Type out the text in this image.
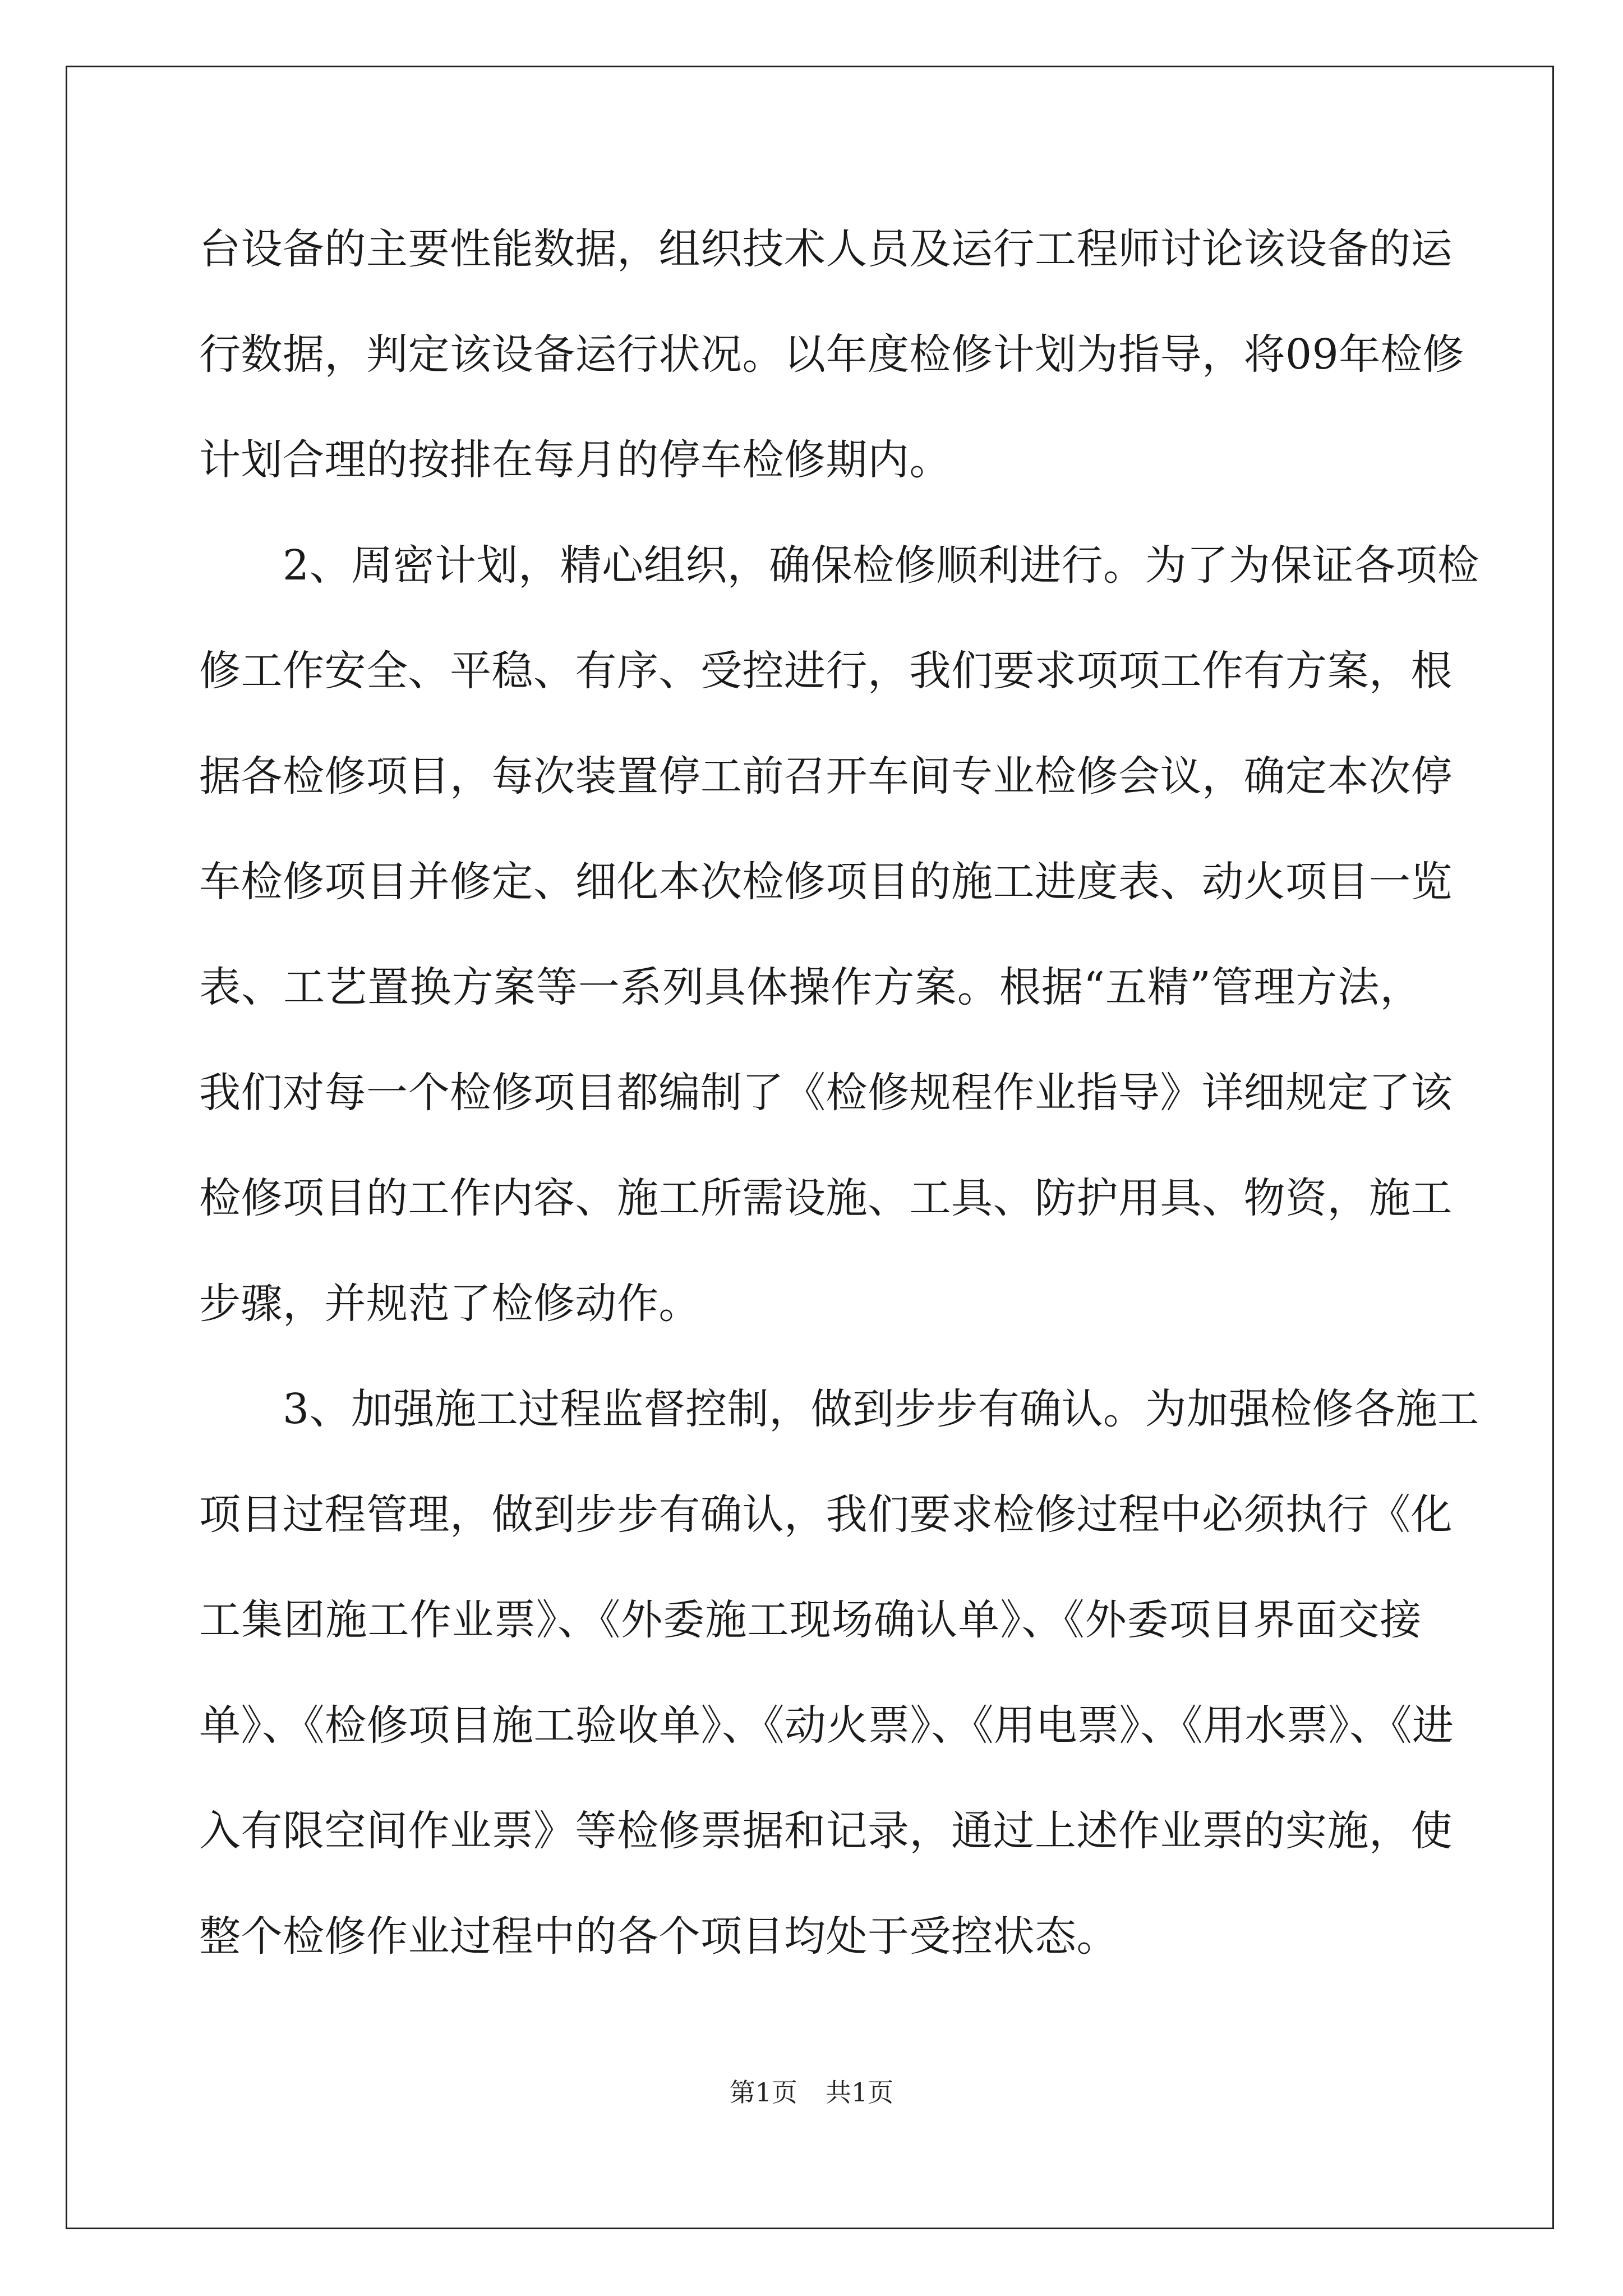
台设备的主要性能数据，组织技术人员及运行工程师讨论该设备的运
行数据，判定该设备运行状况。以年度检修计划为指导，将09年检修
计划合理的按排在每月的停车检修期内。
　　2、周密计划，精心组织，确保检修顺利进行。为了为保证各项检
修工作安全、平稳、有序、受控进行，我们要求项项工作有方案，根
据各检修项目，每次装置停工前召开车间专业检修会议，确定本次停
车检修项目并修定、细化本次检修项目的施工进度表、动火项目一览
表、工艺置换方案等一系列具体操作方案。根据“五精”管理方法，
我们对每一个检修项目都编制了《检修规程作业指导》详细规定了该
检修项目的工作内容、施工所需设施、工具、防护用具、物资，施工
步骤，并规范了检修动作。
　　3、加强施工过程监督控制，做到步步有确认。为加强检修各施工
项目过程管理，做到步步有确认，我们要求检修过程中必须执行《化
工集团施工作业票》、《外委施工现场确认单》、《外委项目界面交接
单》、《检修项目施工验收单》、《动火票》、《用电票》、《用水票》、《进
入有限空间作业票》等检修票据和记录，通过上述作业票的实施，使
整个检修作业过程中的各个项目均处于受控状态。
第1页 共1页
